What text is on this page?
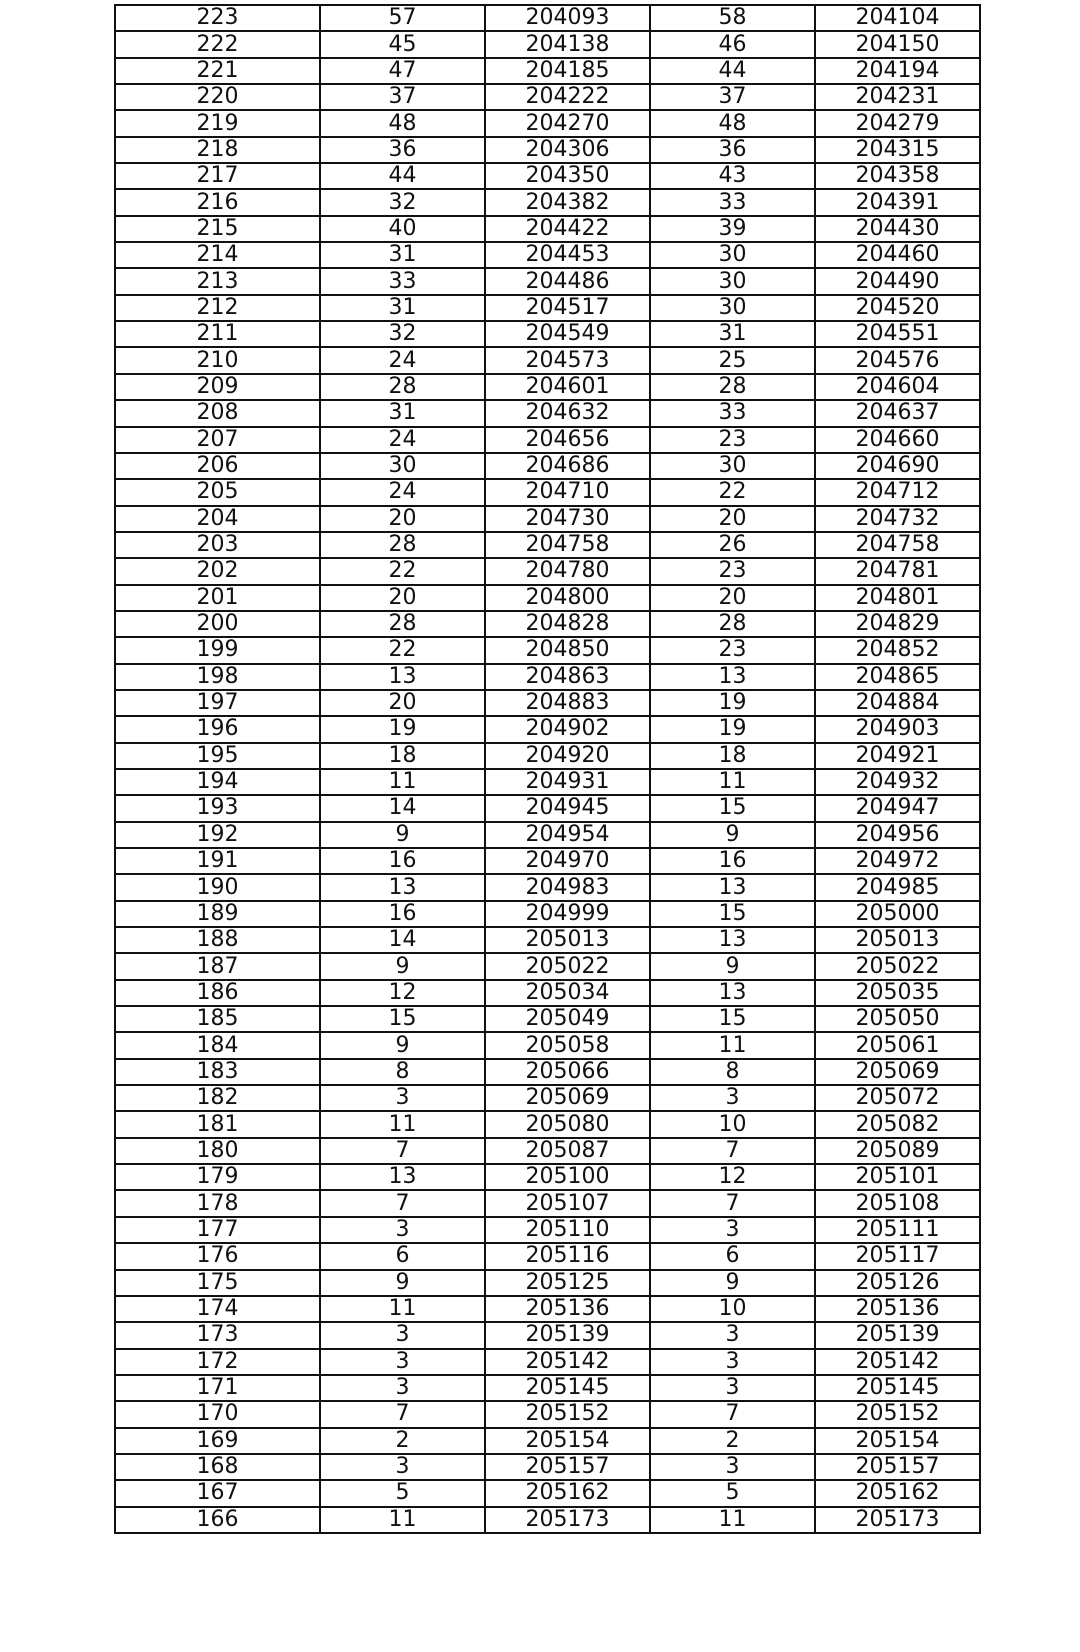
223	57	204093	58	204104
222	45	204138	46	204150
221	47	204185	44	204194
220	37	204222	37	204231
219	48	204270	48	204279
218	36	204306	36	204315
217	44	204350	43	204358
216	32	204382	33	204391
215	40	204422	39	204430
214	31	204453	30	204460
213	33	204486	30	204490
212	31	204517	30	204520
211	32	204549	31	204551
210	24	204573	25	204576
209	28	204601	28	204604
208	31	204632	33	204637
207	24	204656	23	204660
206	30	204686	30	204690
205	24	204710	22	204712
204	20	204730	20	204732
203	28	204758	26	204758
202	22	204780	23	204781
201	20	204800	20	204801
200	28	204828	28	204829
199	22	204850	23	204852
198	13	204863	13	204865
197	20	204883	19	204884
196	19	204902	19	204903
195	18	204920	18	204921
194	11	204931	11	204932
193	14	204945	15	204947
192	9	204954	9	204956
191	16	204970	16	204972
190	13	204983	13	204985
189	16	204999	15	205000
188	14	205013	13	205013
187	9	205022	9	205022
186	12	205034	13	205035
185	15	205049	15	205050
184	9	205058	11	205061
183	8	205066	8	205069
182	3	205069	3	205072
181	11	205080	10	205082
180	7	205087	7	205089
179	13	205100	12	205101
178	7	205107	7	205108
177	3	205110	3	205111
176	6	205116	6	205117
175	9	205125	9	205126
174	11	205136	10	205136
173	3	205139	3	205139
172	3	205142	3	205142
171	3	205145	3	205145
170	7	205152	7	205152
169	2	205154	2	205154
168	3	205157	3	205157
167	5	205162	5	205162
166	11	205173	11	205173
